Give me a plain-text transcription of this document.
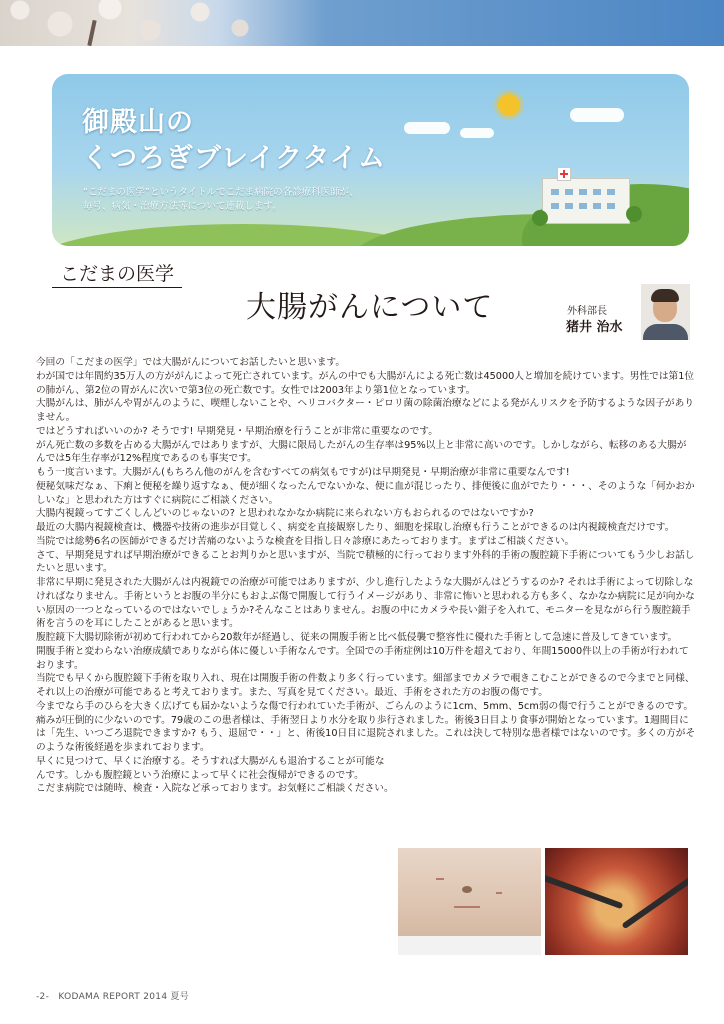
御殿山の
くつろぎブレイクタイム
“こだまの医学”というタイトルでこだま病院の各診療科医師が、
毎号、病気・治療方法等について連載します。
こだまの医学
大腸がんについて	外科部長
猪井 治水

今回の「こだまの医学」では大腸がんについてお話したいと思います。

わが国では年間約35万人の方ががんによって死亡されています。がんの中でも大腸がんによる死亡数は45000人と増加を続けています。男性では第1位の肺がん、第2位の胃がんに次いで第3位の死亡数です。女性では2003年より第1位となっています。

大腸がんは、肺がんや胃がんのように、喫煙しないことや、ヘリコバクター・ピロリ菌の除菌治療などによる発がんリスクを予防するような因子がありません。

ではどうすればいいのか? そうです! 早期発見・早期治療を行うことが非常に重要なのです。

がん死亡数の多数を占める大腸がんではありますが、大腸に限局したがんの生存率は95%以上と非常に高いのです。しかしながら、転移のある大腸がんでは5年生存率が12%程度であるのも事実です。

もう一度言います。大腸がん(もちろん他のがんを含むすべての病気もですが)は早期発見・早期治療が非常に重要なんです!

便秘気味だなぁ、下痢と便秘を繰り返すなぁ、便が細くなったんでないかな、便に血が混じったり、排便後に血がでたり・・・、そのような「何かおかしいな」と思われた方はすぐに病院にご相談ください。

大腸内視鏡ってすごくしんどいのじゃないの? と思われなかなか病院に来られない方もおられるのではないですか?

最近の大腸内視鏡検査は、機器や技術の進歩が目覚しく、病変を直接観察したり、細胞を採取し治療も行うことができるのは内視鏡検査だけです。

当院では総勢6名の医師ができるだけ苦痛のないような検査を目指し日々診療にあたっております。まずはご相談ください。

さて、早期発見すれば早期治療ができることお判りかと思いますが、当院で積極的に行っております外科的手術の腹腔鏡下手術についてもう少しお話したいと思います。

非常に早期に発見された大腸がんは内視鏡での治療が可能ではありますが、少し進行したような大腸がんはどうするのか? それは手術によって切除しなければなりません。手術というとお腹の半分にもおよぶ傷で開腹して行うイメージがあり、非常に怖いと思われる方も多く、なかなか病院に足が向かない原因の一つとなっているのではないでしょうか?そんなことはありません。お腹の中にカメラや長い鉗子を入れて、モニターを見ながら行う腹腔鏡手術を言うのを耳にしたことがあると思います。

腹腔鏡下大腸切除術が初めて行われてから20数年が経過し、従来の開腹手術と比べ低侵襲で整容性に優れた手術として急速に普及してきています。

開腹手術と変わらない治療成績でありながら体に優しい手術なんです。全国での手術症例は10万件を超えており、年間15000件以上の手術が行われております。

当院でも早くから腹腔鏡下手術を取り入れ、現在は開腹手術の件数より多く行っています。細部までカメラで覗きこむことができるので今までと同様、それ以上の治療が可能であると考えております。また、写真を見てください。最近、手術をされた方のお腹の傷です。

今までなら手のひらを大きく広げても届かないような傷で行われていた手術が、ごらんのように1cm、5mm、5cm弱の傷で行うことができるのです。

痛みが圧倒的に少ないのです。79歳のこの患者様は、手術翌日より水分を取り歩行されました。術後3日目より食事が開始となっています。1週間目には「先生、いつごろ退院できますか? もう、退屈で・・」と、術後10日目に退院されました。これは決して特別な患者様ではないのです。多くの方がそのような術後経過を歩まれております。

早くに見つけて、早くに治療する。そうすれば大腸がんも退治することが可能なんです。しかも腹腔鏡という治療によって早くに社会復帰ができるのです。

こだま病院では随時、検査・入院など承っております。お気軽にご相談ください。

-2-　KODAMA REPORT 2014 夏号
